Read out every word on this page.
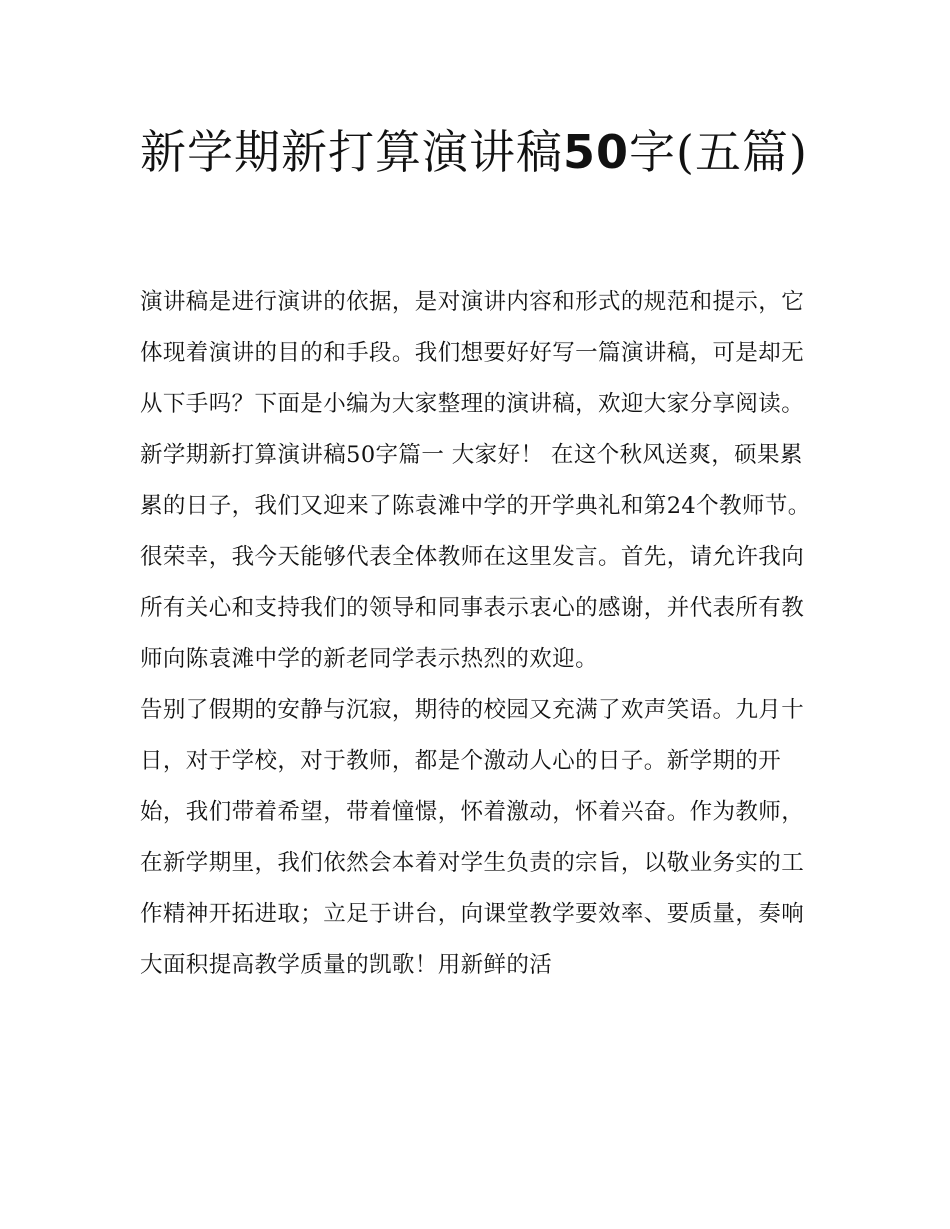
新学期新打算演讲稿50字(五篇)

演讲稿是进行演讲的依据，是对演讲内容和形式的规范和提示，它体现着演讲的目的和手段。我们想要好好写一篇演讲稿，可是却无从下手吗？下面是小编为大家整理的演讲稿，欢迎大家分享阅读。

新学期新打算演讲稿50字篇一 大家好！ 在这个秋风送爽，硕果累累的日子，我们又迎来了陈袁滩中学的开学典礼和第24个教师节。

很荣幸，我今天能够代表全体教师在这里发言。首先，请允许我向所有关心和支持我们的领导和同事表示衷心的感谢，并代表所有教师向陈袁滩中学的新老同学表示热烈的欢迎。

告别了假期的安静与沉寂，期待的校园又充满了欢声笑语。九月十日，对于学校，对于教师，都是个激动人心的日子。新学期的开始，我们带着希望，带着憧憬，怀着激动，怀着兴奋。作为教师，在新学期里，我们依然会本着对学生负责的宗旨，以敬业务实的工作精神开拓进取；立足于讲台，向课堂教学要效率、要质量，奏响大面积提高教学质量的凯歌！用新鲜的活
